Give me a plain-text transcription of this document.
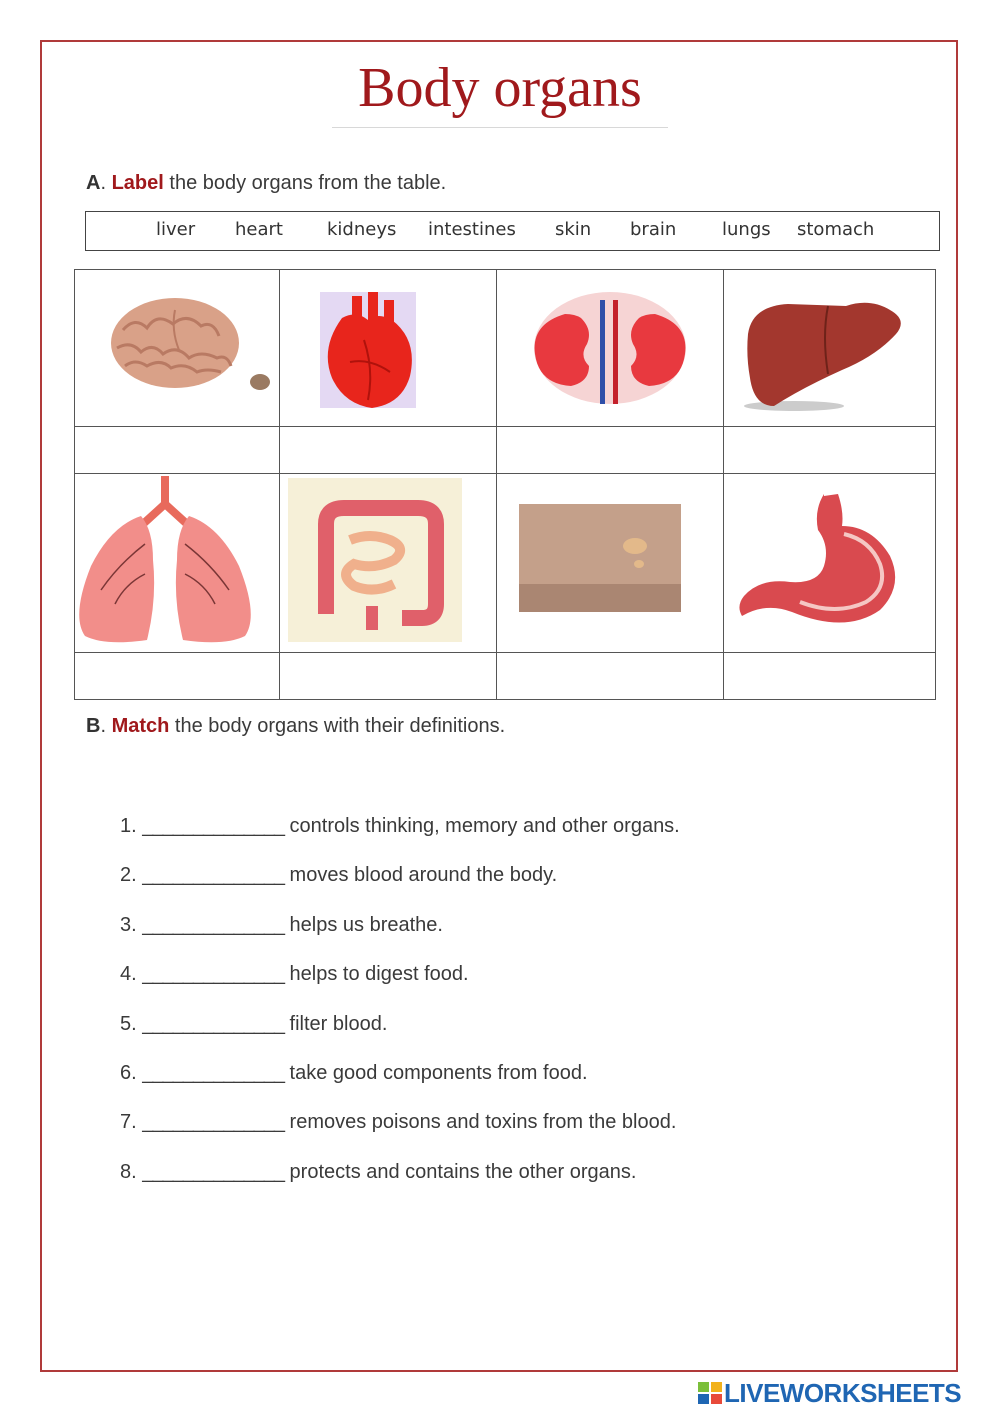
Body organs
A. Label the body organs from the table.
liver heart kidneys intestines skin brain	lungs stomach

B. Match the body organs with their definitions.
1. ______________ controls thinking, memory and other organs.
2. ______________ moves blood around the body.
3. ______________ helps us breathe.
4. ______________ helps to digest food.
5. ______________ filter blood.
6. ______________ take good components from food.
7. ______________ removes poisons and toxins from the blood.
8. ______________ protects and contains the other organs.
LIVEWORKSHEETS
